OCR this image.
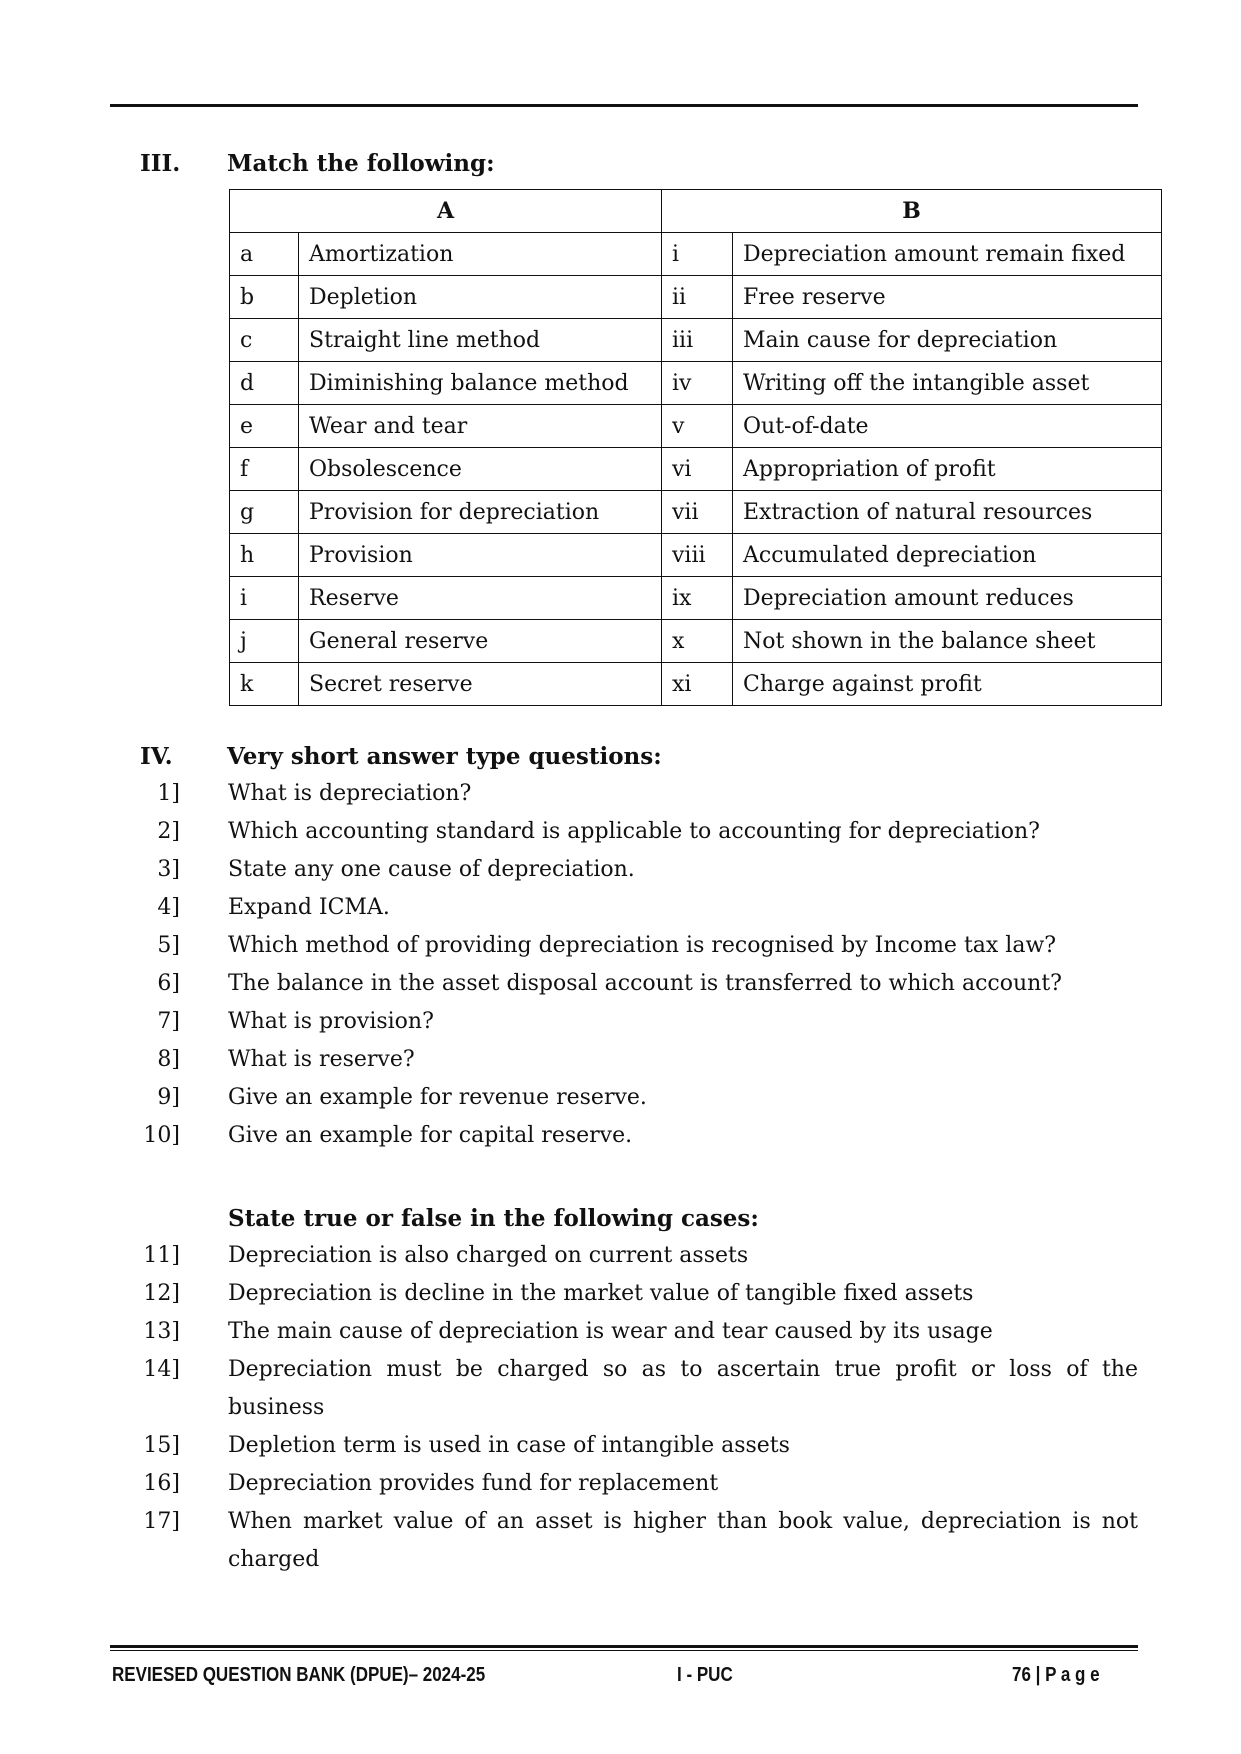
III. Match the following:
A		B	
a	Amortization	i	Depreciation amount remain fixed
b	Depletion	ii	Free reserve
c	Straight line method	iii	Main cause for depreciation
d	Diminishing balance method	iv	Writing off the intangible asset
e	Wear and tear	v	Out-of-date
f	Obsolescence	vi	Appropriation of profit
g	Provision for depreciation	vii	Extraction of natural resources
h	Provision	viii	Accumulated depreciation
i	Reserve	ix	Depreciation amount reduces
j	General reserve	x	Not shown in the balance sheet
k	Secret reserve	xi	Charge against profit
IV. Very short answer type questions:
1] What is depreciation?
2] Which accounting standard is applicable to accounting for depreciation?
3] State any one cause of depreciation.
4] Expand ICMA.
5] Which method of providing depreciation is recognised by Income tax law?
6] The balance in the asset disposal account is transferred to which account?
7] What is provision?
8] What is reserve?
9] Give an example for revenue reserve.
10] Give an example for capital reserve.
State true or false in the following cases:
11] Depreciation is also charged on current assets
12] Depreciation is decline in the market value of tangible fixed assets
13] The main cause of depreciation is wear and tear caused by its usage
14] Depreciation must be charged so as to ascertain true profit or loss of the business
15] Depletion term is used in case of intangible assets
16] Depreciation provides fund for replacement
17] When market value of an asset is higher than book value, depreciation is not charged
REVIESED QUESTION BANK (DPUE)– 2024-25	I - PUC	76 | P a g e
